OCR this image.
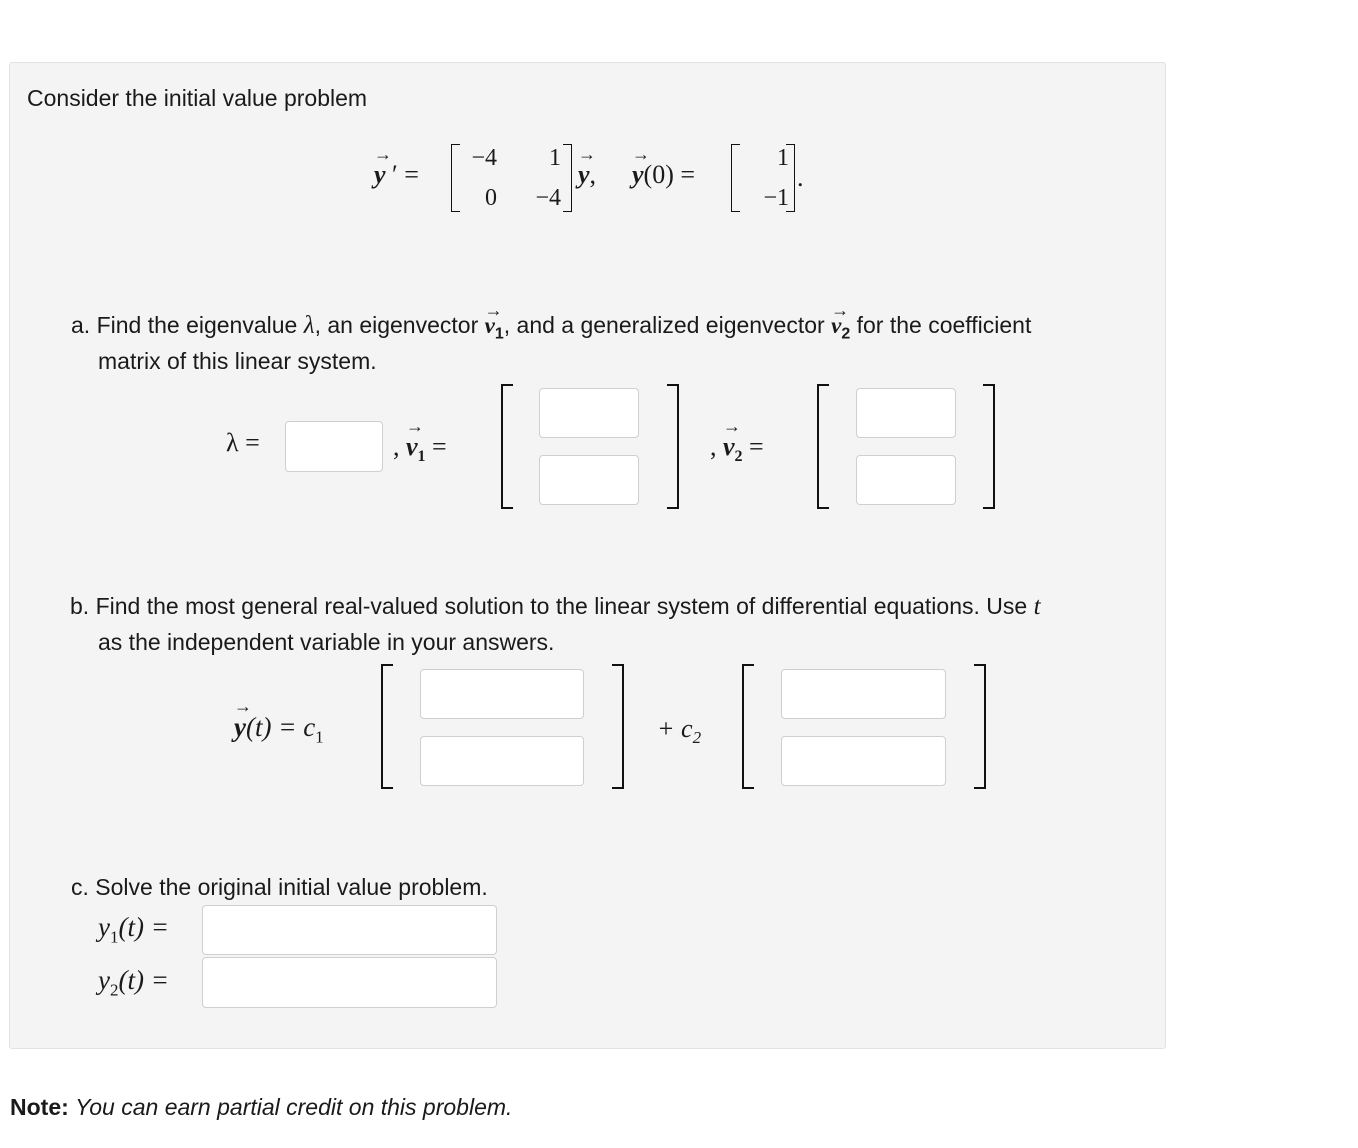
Consider the initial value problem
→
y ′ =
−4	1
0	−4
→
y,
→
y(0) =
1
−1
.
a. Find the eigenvalue λ, an eigenvector
→
$v_1$, and a generalized eigenvector
→
$v_2$ for the coefficient
matrix of this linear system.
λ =	,
→
$v_1$ =	,
→
$v_2$ =
b. Find the most general real-valued solution to the linear system of differential equations. Use t
as the independent variable in your answers.
→
$y(t) = c_1$	+ $c_2$
c. Solve the original initial value problem.
$y_1(t)$ =
$y_2(t)$ =
Note: You can earn partial credit on this problem.
